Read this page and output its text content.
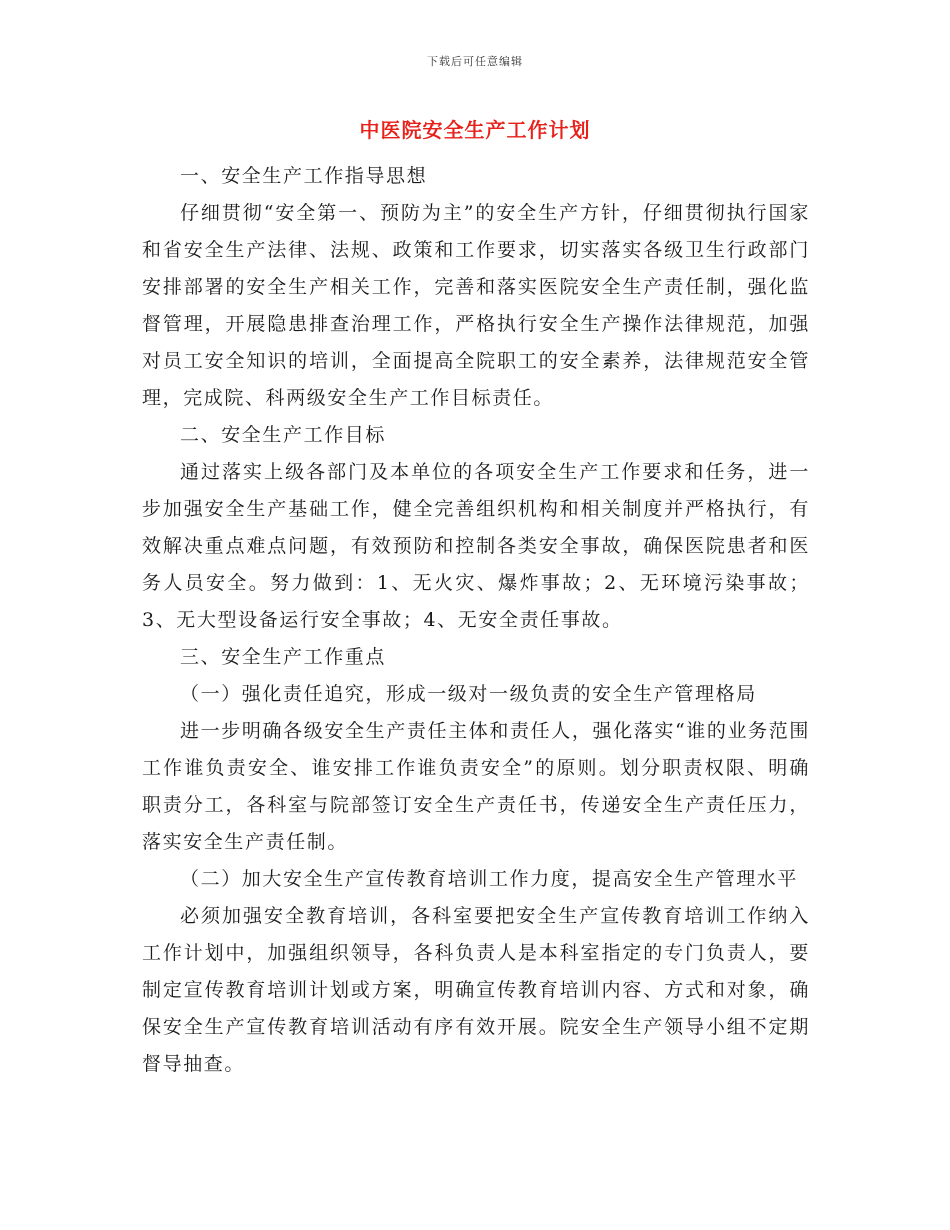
下载后可任意编辑
中医院安全生产工作计划

一、安全生产工作指导思想

仔细贯彻“安全第一、预防为主”的安全生产方针，仔细贯彻执行国家和省安全生产法律、法规、政策和工作要求，切实落实各级卫生行政部门安排部署的安全生产相关工作，完善和落实医院安全生产责任制，强化监督管理，开展隐患排查治理工作，严格执行安全生产操作法律规范，加强对员工安全知识的培训，全面提高全院职工的安全素养，法律规范安全管理，完成院、科两级安全生产工作目标责任。

二、安全生产工作目标

通过落实上级各部门及本单位的各项安全生产工作要求和任务，进一步加强安全生产基础工作，健全完善组织机构和相关制度并严格执行，有效解决重点难点问题，有效预防和控制各类安全事故，确保医院患者和医务人员安全。努力做到：1、无火灾、爆炸事故；2、无环境污染事故；3、无大型设备运行安全事故；4、无安全责任事故。

三、安全生产工作重点

（一）强化责任追究，形成一级对一级负责的安全生产管理格局

进一步明确各级安全生产责任主体和责任人，强化落实“谁的业务范围工作谁负责安全、谁安排工作谁负责安全”的原则。划分职责权限、明确职责分工，各科室与院部签订安全生产责任书，传递安全生产责任压力，落实安全生产责任制。

（二）加大安全生产宣传教育培训工作力度，提高安全生产管理水平

必须加强安全教育培训，各科室要把安全生产宣传教育培训工作纳入工作计划中，加强组织领导，各科负责人是本科室指定的专门负责人，要制定宣传教育培训计划或方案，明确宣传教育培训内容、方式和对象，确保安全生产宣传教育培训活动有序有效开展。院安全生产领导小组不定期督导抽查。
